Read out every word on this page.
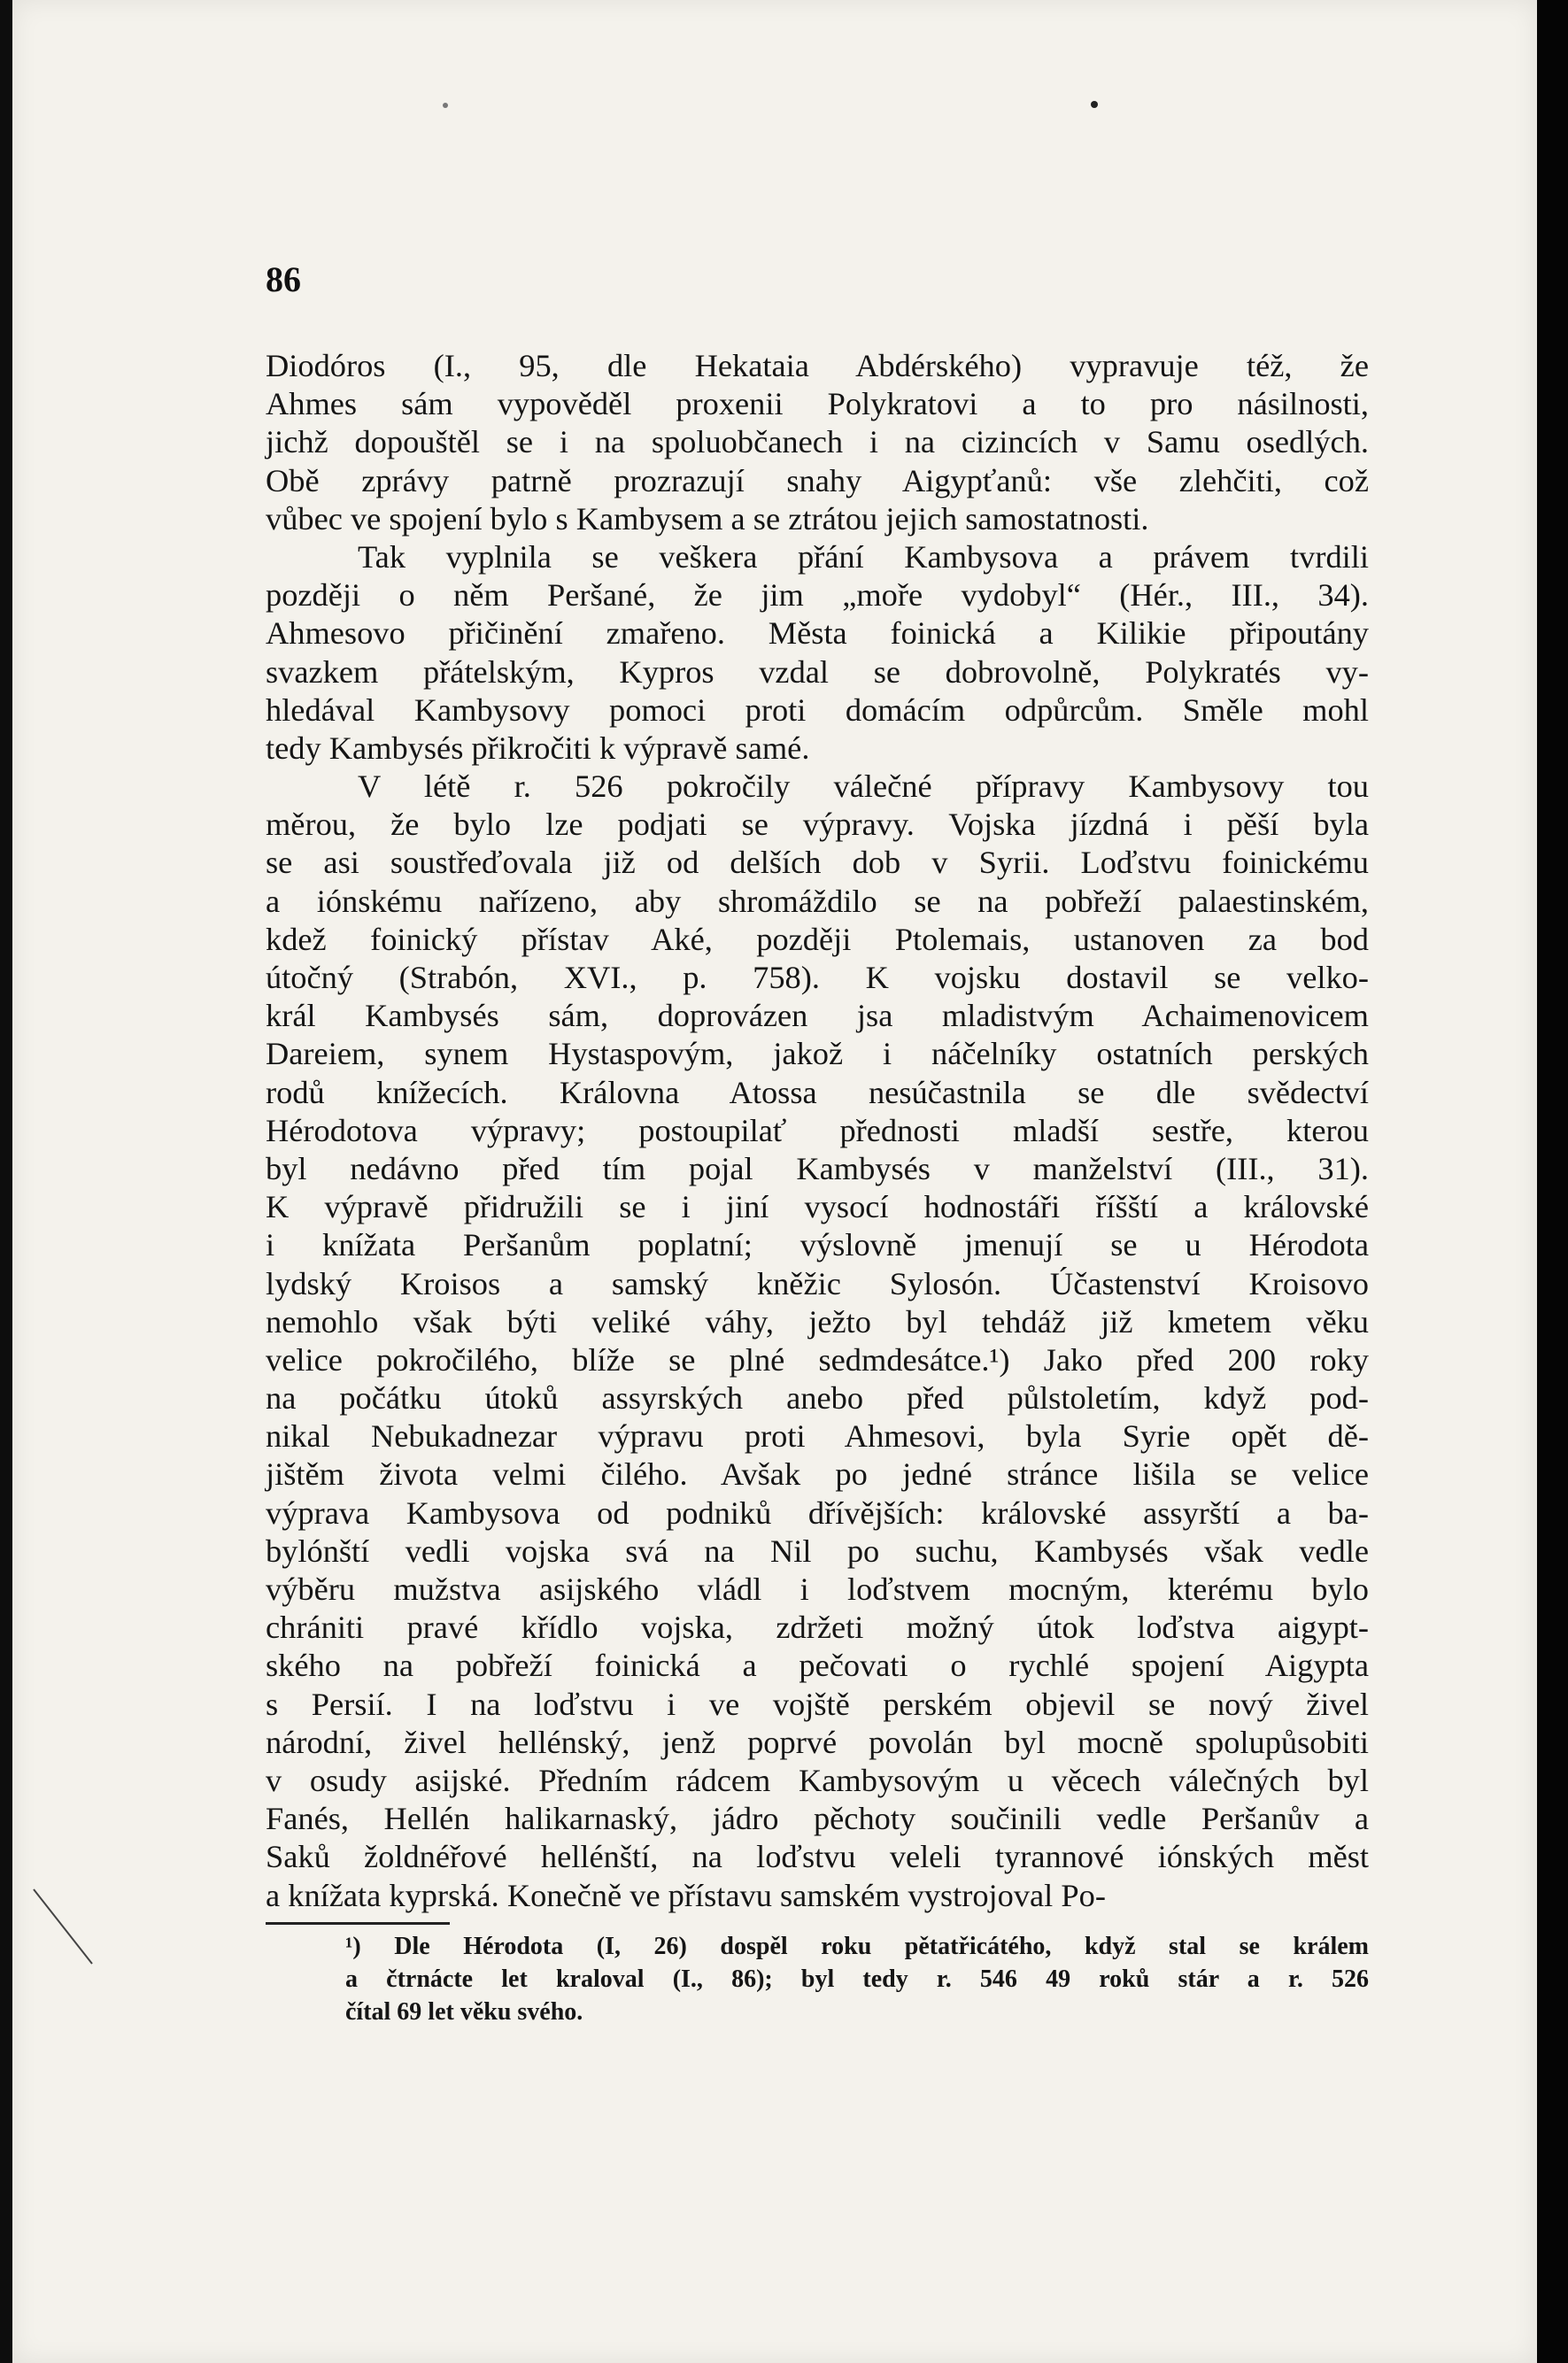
86
Diodóros (I., 95, dle Hekataia Abdérského) vypravuje též, že
Ahmes sám vypověděl proxenii Polykratovi a to pro násilnosti,
jichž dopouštěl se i na spoluobčanech i na cizincích v Samu osedlých.
Obě zprávy patrně prozrazují snahy Aigypťanů: vše zlehčiti, což
vůbec ve spojení bylo s Kambysem a se ztrátou jejich samostatnosti.
Tak vyplnila se veškera přání Kambysova a právem tvrdili
později o něm Peršané, že jim „moře vydobyl“ (Hér., III., 34).
Ahmesovo přičinění zmařeno. Města foinická a Kilikie připoutány
svazkem přátelským, Kypros vzdal se dobrovolně, Polykratés vy-
hledával Kambysovy pomoci proti domácím odpůrcům. Směle mohl
tedy Kambysés přikročiti k výpravě samé.
V létě r. 526 pokročily válečné přípravy Kambysovy tou
měrou, že bylo lze podjati se výpravy. Vojska jízdná i pěší byla
se asi soustřeďovala již od delších dob v Syrii. Loďstvu foinickému
a iónskému nařízeno, aby shromáždilo se na pobřeží palaestinském,
kdež foinický přístav Aké, později Ptolemais, ustanoven za bod
útočný (Strabón, XVI., p. 758). K vojsku dostavil se velko-
král Kambysés sám, doprovázen jsa mladistvým Achaimenovicem
Dareiem, synem Hystaspovým, jakož i náčelníky ostatních perských
rodů knížecích. Královna Atossa nesúčastnila se dle svědectví
Hérodotova výpravy; postoupilať přednosti mladší sestře, kterou
byl nedávno před tím pojal Kambysés v manželství (III., 31).
K výpravě přidružili se i jiní vysocí hodnostáři říšští a královské
i knížata Peršanům poplatní; výslovně jmenují se u Hérodota
lydský Kroisos a samský kněžic Sylosón. Účastenství Kroisovo
nemohlo však býti veliké váhy, ježto byl tehdáž již kmetem věku
velice pokročilého, blíže se plné sedmdesátce.¹) Jako před 200 roky
na počátku útoků assyrských anebo před půlstoletím, když pod-
nikal Nebukadnezar výpravu proti Ahmesovi, byla Syrie opět dě-
jištěm života velmi čilého. Avšak po jedné stránce lišila se velice
výprava Kambysova od podniků dřívějších: královské assyrští a ba-
bylónští vedli vojska svá na Nil po suchu, Kambysés však vedle
výběru mužstva asijského vládl i loďstvem mocným, kterému bylo
chrániti pravé křídlo vojska, zdržeti možný útok loďstva aigypt-
ského na pobřeží foinická a pečovati o rychlé spojení Aigypta
s Persií. I na loďstvu i ve vojště perském objevil se nový živel
národní, živel hellénský, jenž poprvé povolán byl mocně spolupůsobiti
v osudy asijské. Předním rádcem Kambysovým u věcech válečných byl
Fanés, Hellén halikarnaský, jádro pěchoty součinili vedle Peršanův a
Saků žoldnéřové hellénští, na loďstvu veleli tyrannové iónských měst
a knížata kyprská. Konečně ve přístavu samském vystrojoval Po-
¹) Dle Hérodota (I, 26) dospěl roku pětatřicátého, když stal se králem
a čtrnácte let kraloval (I., 86); byl tedy r. 546 49 roků stár a r. 526
čítal 69 let věku svého.
